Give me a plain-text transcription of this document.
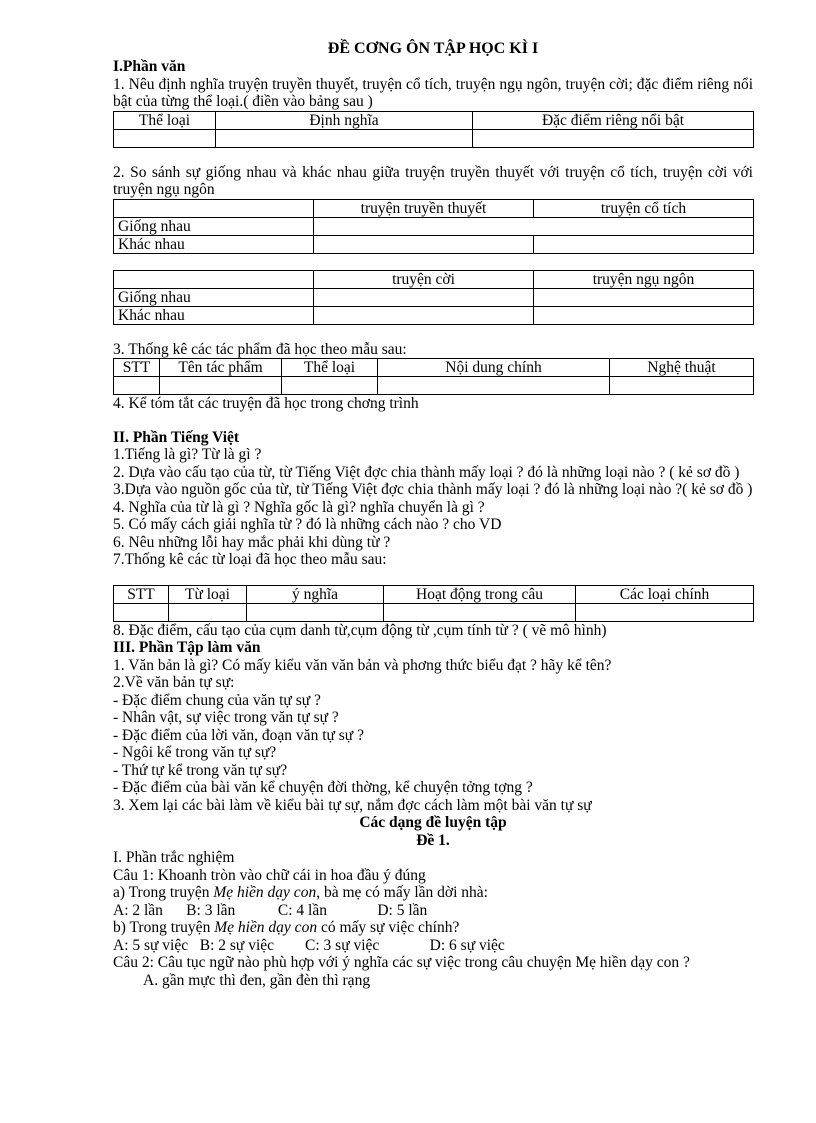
ĐỀ CƠNG ÔN TẬP HỌC KÌ I

I.Phần văn

1. Nêu định nghĩa truyện truyền thuyết, truyện cổ tích, truyện ngụ ngôn, truyện cời; đặc điểm riêng nổi bật của từng thể loại.( điền vào bảng sau )

Thể loại	Định nghĩa	Đặc điểm riêng nổi bật

2. So sánh sự giống nhau và khác nhau giữa truyện truyền thuyết với truyện cổ tích, truyện cời với truyện ngụ ngôn

	truyện truyền thuyết	truyện cổ tích
Giống nhau		
Khác nhau		
	truyện cời	truyện ngụ ngôn
Giống nhau		
Khác nhau		

3. Thống kê các tác phẩm đã học theo mẫu sau:

STT	Tên tác phẩm	Thể loại	Nội dung chính	Nghệ thuật

4. Kể tóm tắt các truyện đã học trong chơng trình

II. Phần Tiếng Việt

1.Tiếng là gì? Từ là gì ?

2. Dựa vào cấu tạo của từ, từ Tiếng Việt đợc chia thành mấy loại ? đó là những loại nào ? ( kẻ sơ đồ )

3.Dựa vào nguồn gốc của từ, từ Tiếng Việt đợc chia thành mấy loại ? đó là những loại nào ?( kẻ sơ đồ )

4. Nghĩa của từ là gì ? Nghĩa gốc là gì? nghĩa chuyển là gì ?

5. Có mấy cách giải nghĩa từ ? đó là những cách nào ? cho VD

6. Nêu những lỗi hay mắc phải khi dùng từ ?

7.Thống kê các từ loại đã học theo mẫu sau:

STT	Từ loại	ý nghĩa	Hoạt động trong câu	Các loại chính

8. Đặc điểm, cấu tạo của cụm danh từ,cụm động từ ,cụm tính từ ? ( vẽ mô hình)

III. Phần Tập làm văn

1. Văn bản là gì? Có mấy kiểu văn văn bản và phơng thức biểu đạt ? hãy kể tên?

2.Về văn bản tự sự:

- Đặc điểm chung của văn tự sự ?

- Nhân vật, sự việc trong văn tự sự ?

- Đặc điểm của lời văn, đoạn văn tự sự ?

- Ngôi kể trong văn tự sự?

- Thứ tự kể trong văn tự sự?

- Đặc điểm của bài văn kể chuyện đời thờng, kể chuyện tởng tợng ?

3. Xem lại các bài làm về kiểu bài tự sự, nắm đợc cách làm một bài văn tự sự

Các dạng đề luyện tập

Đề 1.

I. Phần trắc nghiệm

Câu 1: Khoanh tròn vào chữ cái in hoa đầu ý đúng

a) Trong truyện Mẹ hiền dạy con, bà mẹ có mấy lần dời nhà:

A: 2 lần      B: 3 lần           C: 4 lần             D: 5 lần

b) Trong truyện Mẹ hiền dạy con có mấy sự việc chính?

A: 5 sự việc   B: 2 sự việc        C: 3 sự việc             D: 6 sự việc

Câu 2: Câu tục ngữ nào phù hợp với ý nghĩa các sự việc trong câu chuyện Mẹ hiền dạy con ?

A. gần mực thì đen, gần đèn thì rạng
